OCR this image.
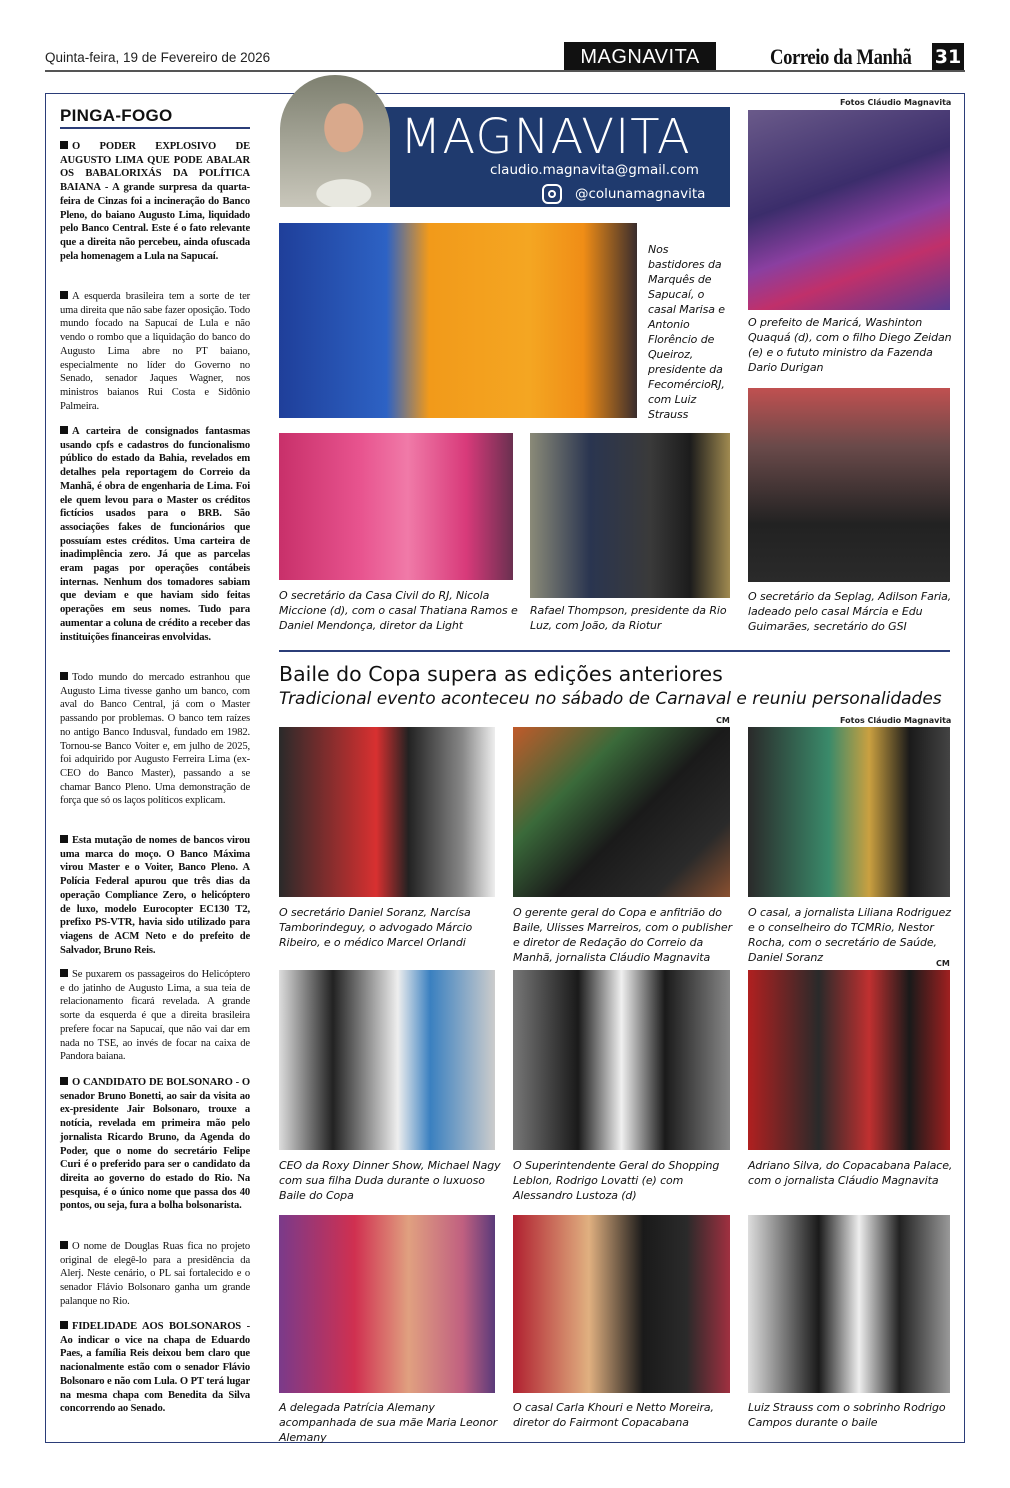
Quinta-feira, 19 de Fevereiro de 2026	MAGNAVITA	Correio da Manhã 31
PINGA-FOGO
O PODER EXPLOSIVO DE AUGUSTO LIMA QUE PODE ABALAR OS BABALORIXÁS DA POLÍTICA BAIANA - A grande surpresa da quarta-feira de Cinzas foi a incineração do Banco Pleno, do baiano Augusto Lima, liquidado pelo Banco Central. Este é o fato relevante que a direita não percebeu, ainda ofuscada pela homenagem a Lula na Sapucaí.
A esquerda brasileira tem a sorte de ter uma direita que não sabe fazer oposição. Todo mundo focado na Sapucaí de Lula e não vendo o rombo que a liquidação do banco do Augusto Lima abre no PT baiano, especialmente no líder do Governo no Senado, senador Jaques Wagner, nos ministros baianos Rui Costa e Sidônio Palmeira.
A carteira de consignados fantasmas usando cpfs e cadastros do funcionalismo público do estado da Bahia, revelados em detalhes pela reportagem do Correio da Manhã, é obra de engenharia de Lima. Foi ele quem levou para o Master os créditos fictícios usados para o BRB. São associações fakes de funcionários que possuíam estes créditos. Uma carteira de inadimplência zero. Já que as parcelas eram pagas por operações contábeis internas. Nenhum dos tomadores sabiam que deviam e que haviam sido feitas operações em seus nomes. Tudo para aumentar a coluna de crédito a receber das instituições financeiras envolvidas.
Todo mundo do mercado estranhou que Augusto Lima tivesse ganho um banco, com aval do Banco Central, já com o Master passando por problemas. O banco tem raízes no antigo Banco Indusval, fundado em 1982. Tornou-se Banco Voiter e, em julho de 2025, foi adquirido por Augusto Ferreira Lima (ex-CEO do Banco Master), passando a se chamar Banco Pleno. Uma demonstração de força que só os laços políticos explicam.
Esta mutação de nomes de bancos virou uma marca do moço. O Banco Máxima virou Master e o Voiter, Banco Pleno. A Polícia Federal apurou que três dias da operação Compliance Zero, o helicóptero de luxo, modelo Eurocopter EC130 T2, prefixo PS-VTR, havia sido utilizado para viagens de ACM Neto e do prefeito de Salvador, Bruno Reis.
Se puxarem os passageiros do Helicóptero e do jatinho de Augusto Lima, a sua teia de relacionamento ficará revelada. A grande sorte da esquerda é que a direita brasileira prefere focar na Sapucaí, que não vai dar em nada no TSE, ao invés de focar na caixa de Pandora baiana.
O CANDIDATO DE BOLSONARO - O senador Bruno Bonetti, ao sair da visita ao ex-presidente Jair Bolsonaro, trouxe a notícia, revelada em primeira mão pelo jornalista Ricardo Bruno, da Agenda do Poder, que o nome do secretário Felipe Curi é o preferido para ser o candidato da direita ao governo do estado do Rio. Na pesquisa, é o único nome que passa dos 40 pontos, ou seja, fura a bolha bolsonarista.
O nome de Douglas Ruas fica no projeto original de elegê-lo para a presidência da Alerj. Neste cenário, o PL sai fortalecido e o senador Flávio Bolsonaro ganha um grande palanque no Rio.
FIDELIDADE AOS BOLSONAROS - Ao indicar o vice na chapa de Eduardo Paes, a família Reis deixou bem claro que nacionalmente estão com o senador Flávio Bolsonaro e não com Lula. O PT terá lugar na mesma chapa com Benedita da Silva concorrendo ao Senado.
MAGNAVITA
claudio.magnavita@gmail.com
@colunamagnavita
Fotos Cláudio Magnavita
Nos bastidores da Marquês de Sapucaí, o casal Marisa e Antonio Florêncio de Queiroz, presidente da FecomércioRJ, com Luiz Strauss
O prefeito de Maricá, Washinton Quaquá (d), com o filho Diego Zeidan (e) e o fututo ministro da Fazenda Dario Durigan
O secretário da Casa Civil do RJ, Nicola Miccione (d), com o casal Thatiana Ramos e Daniel Mendonça, diretor da Light
Rafael Thompson, presidente da Rio Luz, com João, da Riotur
O secretário da Seplag, Adilson Faria, ladeado pelo casal Márcia e Edu Guimarães, secretário do GSI
Baile do Copa supera as edições anteriores
Tradicional evento aconteceu no sábado de Carnaval e reuniu personalidades
CM	Fotos Cláudio Magnavita
CM
O secretário Daniel Soranz, Narcísa Tamborindeguy, o advogado Márcio Ribeiro, e o médico Marcel Orlandi
O gerente geral do Copa e anfitrião do Baile, Ulisses Marreiros, com o publisher e diretor de Redação do Correio da Manhã, jornalista Cláudio Magnavita
O casal, a jornalista Liliana Rodriguez e o conselheiro do TCMRio, Nestor Rocha, com o secretário de Saúde, Daniel Soranz
CEO da Roxy Dinner Show, Michael Nagy com sua filha Duda durante o luxuoso Baile do Copa
O Superintendente Geral do Shopping Leblon, Rodrigo Lovatti (e) com Alessandro Lustoza (d)
Adriano Silva, do Copacabana Palace, com o jornalista Cláudio Magnavita
A delegada Patrícia Alemany acompanhada de sua mãe Maria Leonor Alemany
O casal Carla Khouri e Netto Moreira, diretor do Fairmont Copacabana
Luiz Strauss com o sobrinho Rodrigo Campos durante o baile
